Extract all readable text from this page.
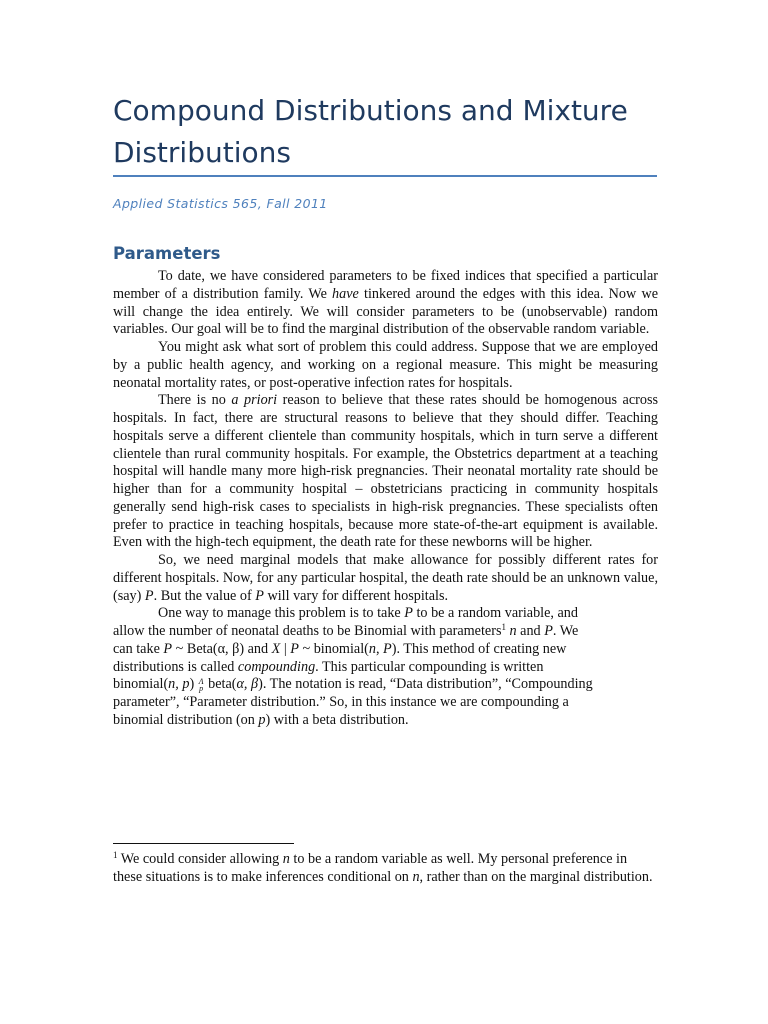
Compound Distributions and Mixture Distributions

Applied Statistics 565, Fall 2011

Parameters

To date, we have considered parameters to be fixed indices that specified a particular member of a distribution family. We have tinkered around the edges with this idea. Now we will change the idea entirely. We will consider parameters to be (unobservable) random variables. Our goal will be to find the marginal distribution of the observable random variable.

You might ask what sort of problem this could address. Suppose that we are employed by a public health agency, and working on a regional measure. This might be measuring neonatal mortality rates, or post-operative infection rates for hospitals.

There is no a priori reason to believe that these rates should be homogenous across hospitals. In fact, there are structural reasons to believe that they should differ. Teaching hospitals serve a different clientele than community hospitals, which in turn serve a different clientele than rural community hospitals. For example, the Obstetrics department at a teaching hospital will handle many more high-risk pregnancies. Their neonatal mortality rate should be higher than for a community hospital – obstetricians practicing in community hospitals generally send high-risk cases to specialists in high-risk pregnancies. These specialists often prefer to practice in teaching hospitals, because more state-of-the-art equipment is available. Even with the high-tech equipment, the death rate for these newborns will be higher.

So, we need marginal models that make allowance for possibly different rates for different hospitals. Now, for any particular hospital, the death rate should be an unknown value, (say) P. But the value of P will vary for different hospitals.

One way to manage this problem is to take P to be a random variable, and
allow the number of neonatal deaths to be Binomial with parameters$^1$ n and P. We
can take P ~ Beta(α, β) and X | P ~ binomial(n, P). This method of creating new
distributions is called compounding. This particular compounding is written
binomial(n, p) Λ
p beta(α, β). The notation is read, “Data distribution”, “Compounding
parameter”, “Parameter distribution.” So, in this instance we are compounding a
binomial distribution (on p) with a beta distribution.

$^1$ We could consider allowing n to be a random variable as well. My personal preference in these situations is to make inferences conditional on n, rather than on the marginal distribution.
